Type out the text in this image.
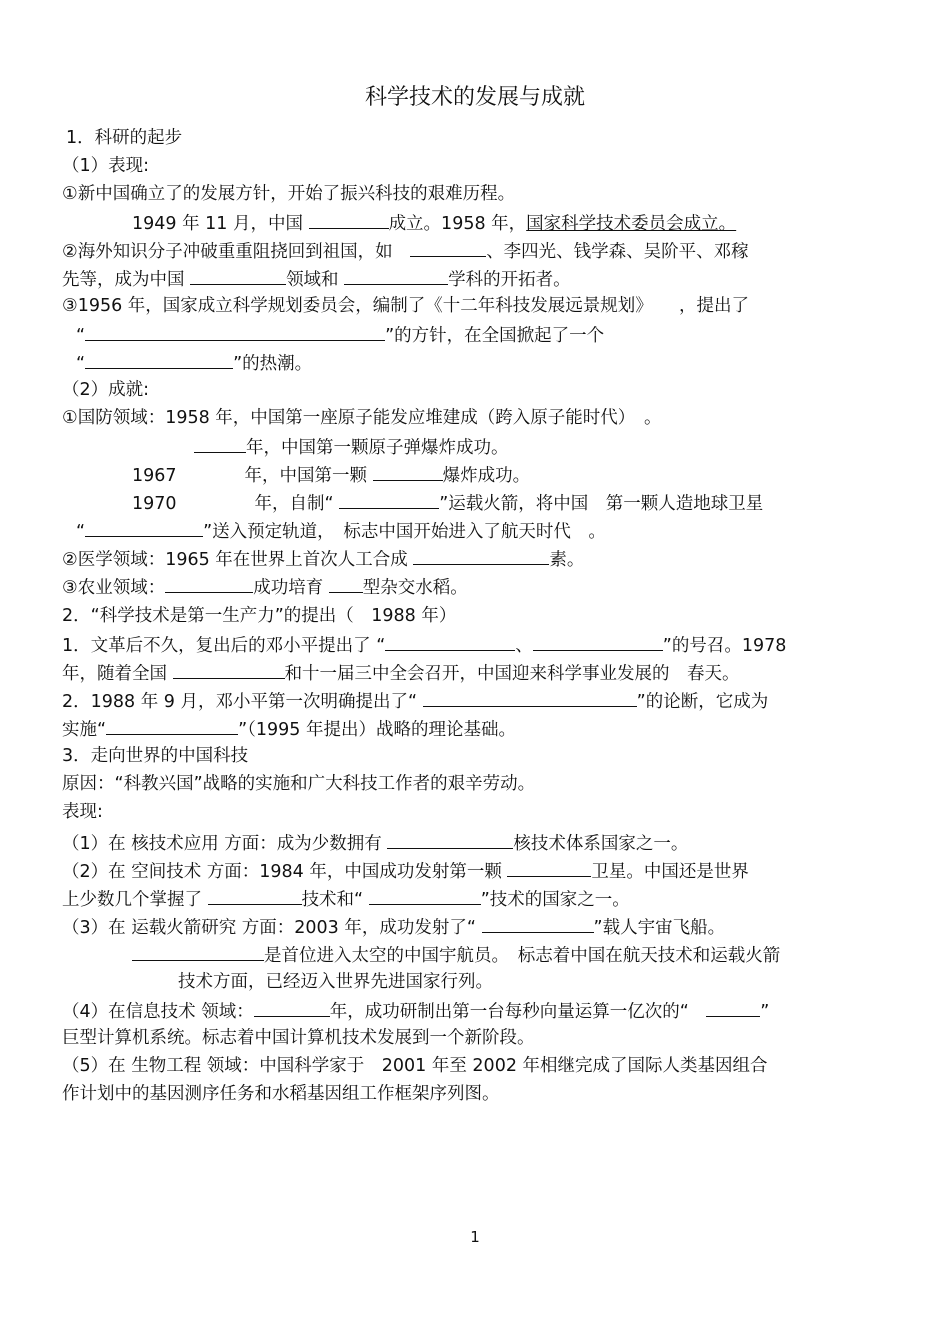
科学技术的发展与成就
1．科研的起步
（1）表现:
①新中国确立了的发展方针，开始了振兴科技的艰难历程。
1949 年 11 月，中国	成立。1958 年，国家科学技术委员会成立。
②海外知识分子冲破重重阻挠回到祖国，如　	、李四光、钱学森、吴阶平、邓稼
先等，成为中国	领域和	学科的开拓者。
③1956 年，国家成立科学规划委员会，编制了《十二年科技发展远景规划》　　，提出了
“	”的方针，在全国掀起了一个
“	”的热潮。
（2）成就:
①国防领域：1958 年，中国第一座原子能发应堆建成（跨入原子能时代）　。
年，中国第一颗原子弹爆炸成功。
1967	年，中国第一颗	爆炸成功。
1970	年，自制“	”运载火箭，将中国　第一颗人造地球卫星
“	”送入预定轨道，　标志中国开始进入了航天时代　。
②医学领域：1965 年在世界上首次人工合成	素。
③农业领域：	成功培育 型杂交水稻。
2．“科学技术是第一生产力”的提出（　1988 年）
1．文革后不久，复出后的邓小平提出了 “	、	”的号召。1978
年，随着全国	和十一届三中全会召开，中国迎来科学事业发展的　春天。
2．1988 年 9 月，邓小平第一次明确提出了“	”的论断，它成为
实施“	”（1995 年提出）战略的理论基础。
3．走向世界的中国科技
原因：“科教兴国”战略的实施和广大科技工作者的艰辛劳动。
表现:
（1）在 核技术应用 方面：成为少数拥有	核技术体系国家之一。
（2）在 空间技术 方面：1984 年，中国成功发射第一颗	卫星。中国还是世界
上少数几个掌握了	技术和“	”技术的国家之一。
（3）在 运载火箭研究 方面：2003 年，成功发射了“	”载人宇宙飞船。
是首位进入太空的中国宇航员。　标志着中国在航天技术和运载火箭
技术方面，已经迈入世界先进国家行列。
（4）在信息技术 领域：	年，成功研制出第一台每秒向量运算一亿次的“　	”
巨型计算机系统。标志着中国计算机技术发展到一个新阶段。
（5）在 生物工程 领域：中国科学家于　2001 年至 2002 年相继完成了国际人类基因组合
作计划中的基因测序任务和水稻基因组工作框架序列图。
1
